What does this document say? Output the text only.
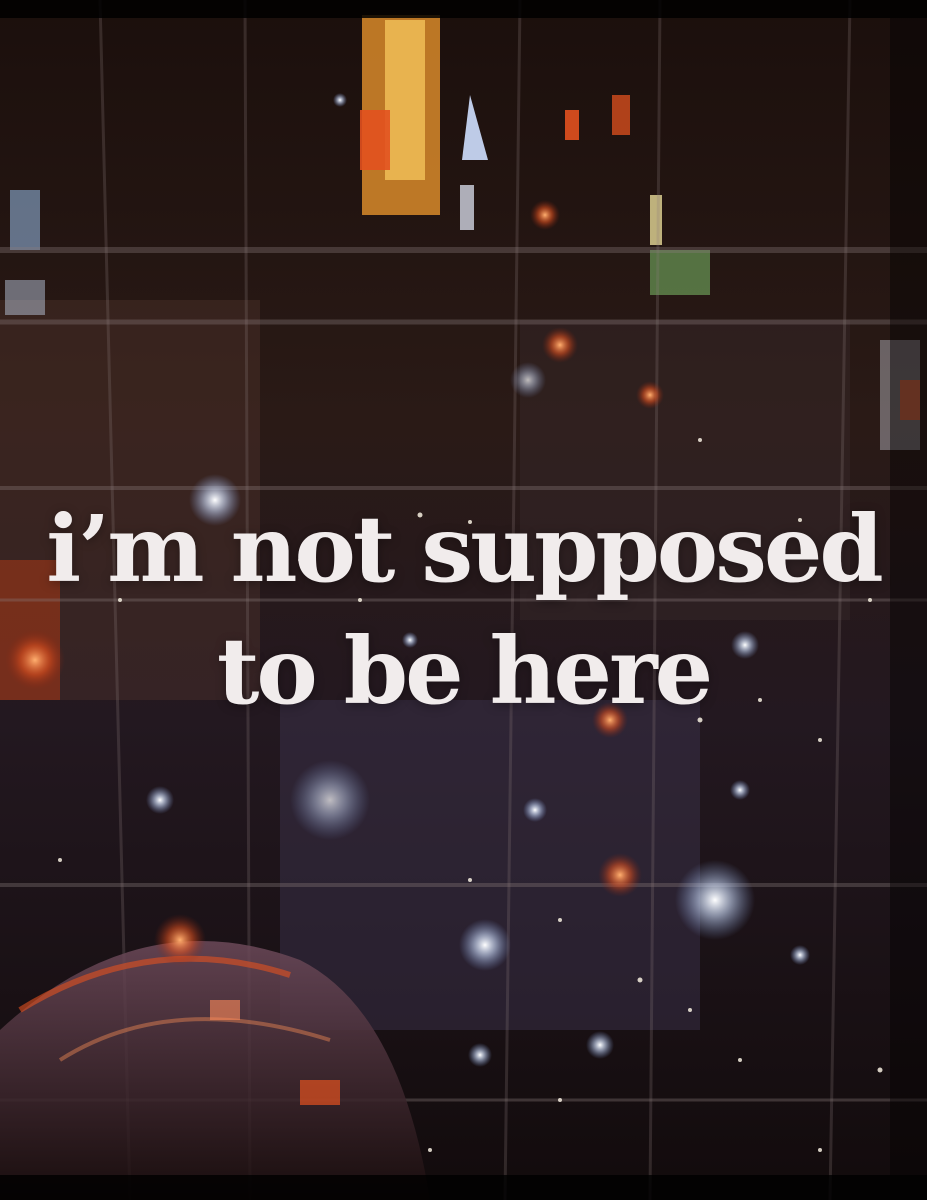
i’m not supposed
to be here
